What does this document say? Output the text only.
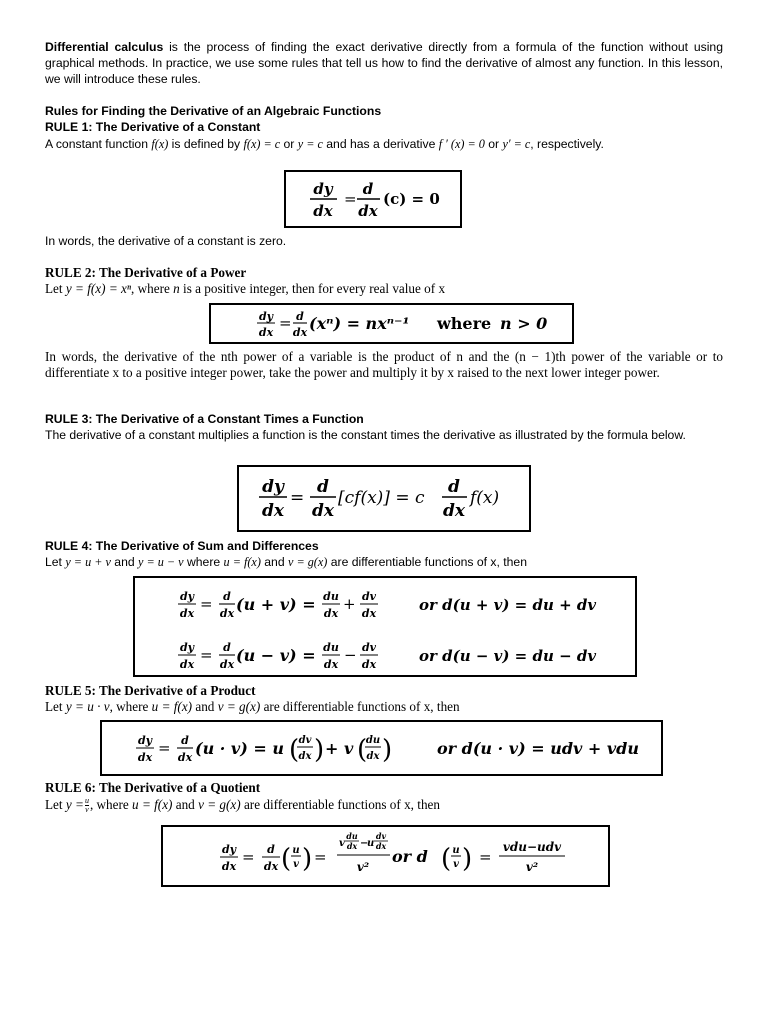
Differential calculus is the process of finding the exact derivative directly from a formula of the function without using graphical methods. In practice, we use some rules that tell us how to find the derivative of almost any function. In this lesson, we will introduce these rules.

Rules for Finding the Derivative of an Algebraic Functions
RULE 1: The Derivative of a Constant
A constant function f(x) is defined by f(x) = c or y = c and has a derivative f ′ (x) = 0 or y′ = c, respectively.
dy
dx
=
d
dx
(c) = 0
In words, the derivative of a constant is zero.
RULE 2: The Derivative of a Power
Let y = f(x) = xⁿ, where n is a positive integer, then for every real value of x
dy
dx
= d
dx (xⁿ) = nxⁿ⁻¹ where n > 0

In words, the derivative of the nth power of a variable is the product of n and the (n − 1)th power of the variable or to differentiate x to a positive integer power, take the power and multiply it by x raised to the next lower integer power.

RULE 3: The Derivative of a Constant Times a Function

The derivative of a constant multiplies a function is the constant times the derivative as illustrated by the formula below.

dy
dx
=
d
dx
[cf(x)] = c
d
dx
f(x)
RULE 4: The Derivative of Sum and Differences
Let y = u + v and y = u − v where u = f(x) and v = g(x) are differentiable functions of x, then
dy
dx
= d
dx (u + v) = du
dx
+ dv
dx	or d(u + v) = du + dv
dy
dx
= d
dx (u − v) = du
dx
− dv
dx	or d(u − v) = du − dv
RULE 5: The Derivative of a Product
Let y = u · v, where u = f(x) and v = g(x) are differentiable functions of x, then
dy
dx
= d
dx (u · v) = u ( dv
dx ) + v (
du
dx )	or d(u · v) = udv + vdu
RULE 6: The Derivative of a Quotient
Let $y = \frac{u}{v}$ , where u = f(x) and v = g(x) are differentiable functions of x, then
dy
dx
= d
dx ( u
v ) =
v
du
dx −
u
dv
dx
v²
or d ( u
v ) =
vdu−udv
v²
